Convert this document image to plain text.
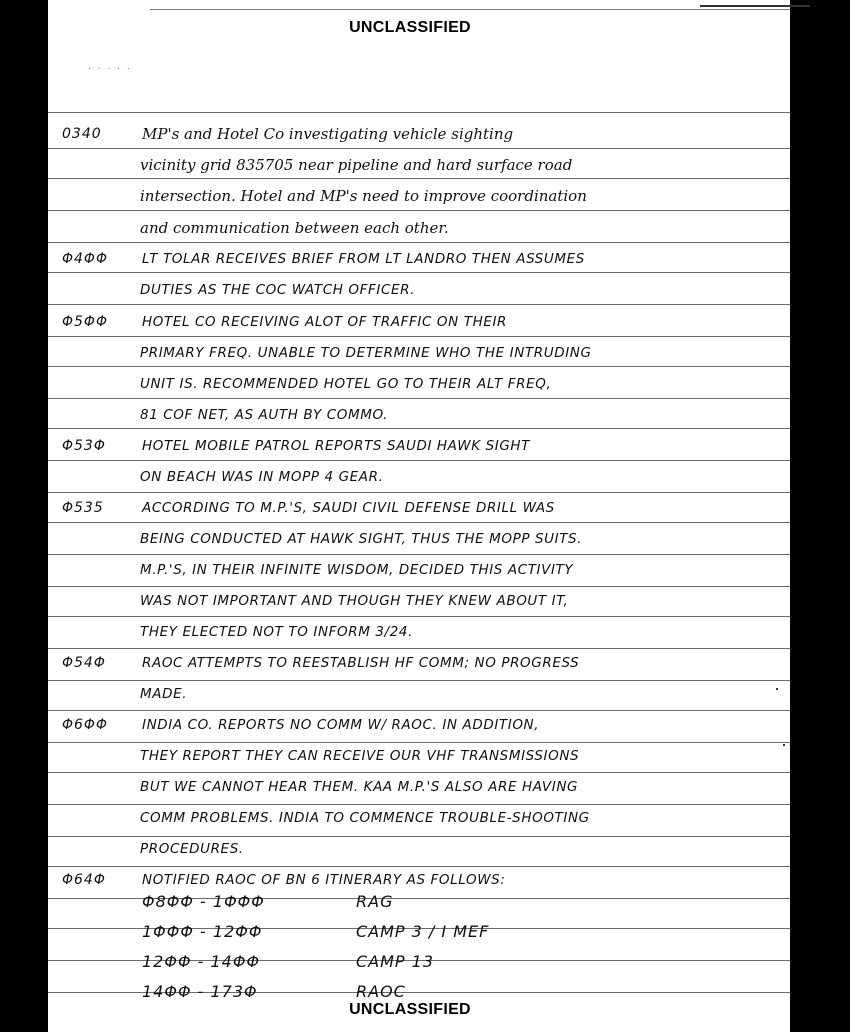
UNCLASSIFIED
. . . . .
0340	MP's and Hotel Co investigating vehicle sighting
vicinity grid 835705 near pipeline and hard surface road
intersection. Hotel and MP's need to improve coordination
and communication between each other.
Φ4ΦΦ	LT TOLAR RECEIVES BRIEF FROM LT LANDRO THEN ASSUMES
DUTIES AS THE COC WATCH OFFICER.
Φ5ΦΦ	HOTEL CO RECEIVING ALOT OF TRAFFIC ON THEIR
PRIMARY FREQ. UNABLE TO DETERMINE WHO THE INTRUDING
UNIT IS. RECOMMENDED HOTEL GO TO THEIR ALT FREQ,
81 COF NET, AS AUTH BY COMMO.
Φ53Φ	HOTEL MOBILE PATROL REPORTS SAUDI HAWK SIGHT
ON BEACH WAS IN MOPP 4 GEAR.
Φ535	ACCORDING TO M.P.'S, SAUDI CIVIL DEFENSE DRILL WAS
BEING CONDUCTED AT HAWK SIGHT, THUS THE MOPP SUITS.
M.P.'S, IN THEIR INFINITE WISDOM, DECIDED THIS ACTIVITY
WAS NOT IMPORTANT AND THOUGH THEY KNEW ABOUT IT,
THEY ELECTED NOT TO INFORM 3/24.
Φ54Φ	RAOC ATTEMPTS TO REESTABLISH HF COMM; NO PROGRESS
MADE.
Φ6ΦΦ	INDIA CO. REPORTS NO COMM W/ RAOC. IN ADDITION,
THEY REPORT THEY CAN RECEIVE OUR VHF TRANSMISSIONS
BUT WE CANNOT HEAR THEM. KAA M.P.'S ALSO ARE HAVING
COMM PROBLEMS. INDIA TO COMMENCE TROUBLE-SHOOTING
PROCEDURES.
Φ64Φ	NOTIFIED RAOC OF BN 6 ITINERARY AS FOLLOWS:
Φ8ΦΦ - 1ΦΦΦ	RAG
1ΦΦΦ - 12ΦΦ	CAMP 3 / I MEF
12ΦΦ - 14ΦΦ	CAMP 13
14ΦΦ - 173Φ	RAOC
UNCLASSIFIED
